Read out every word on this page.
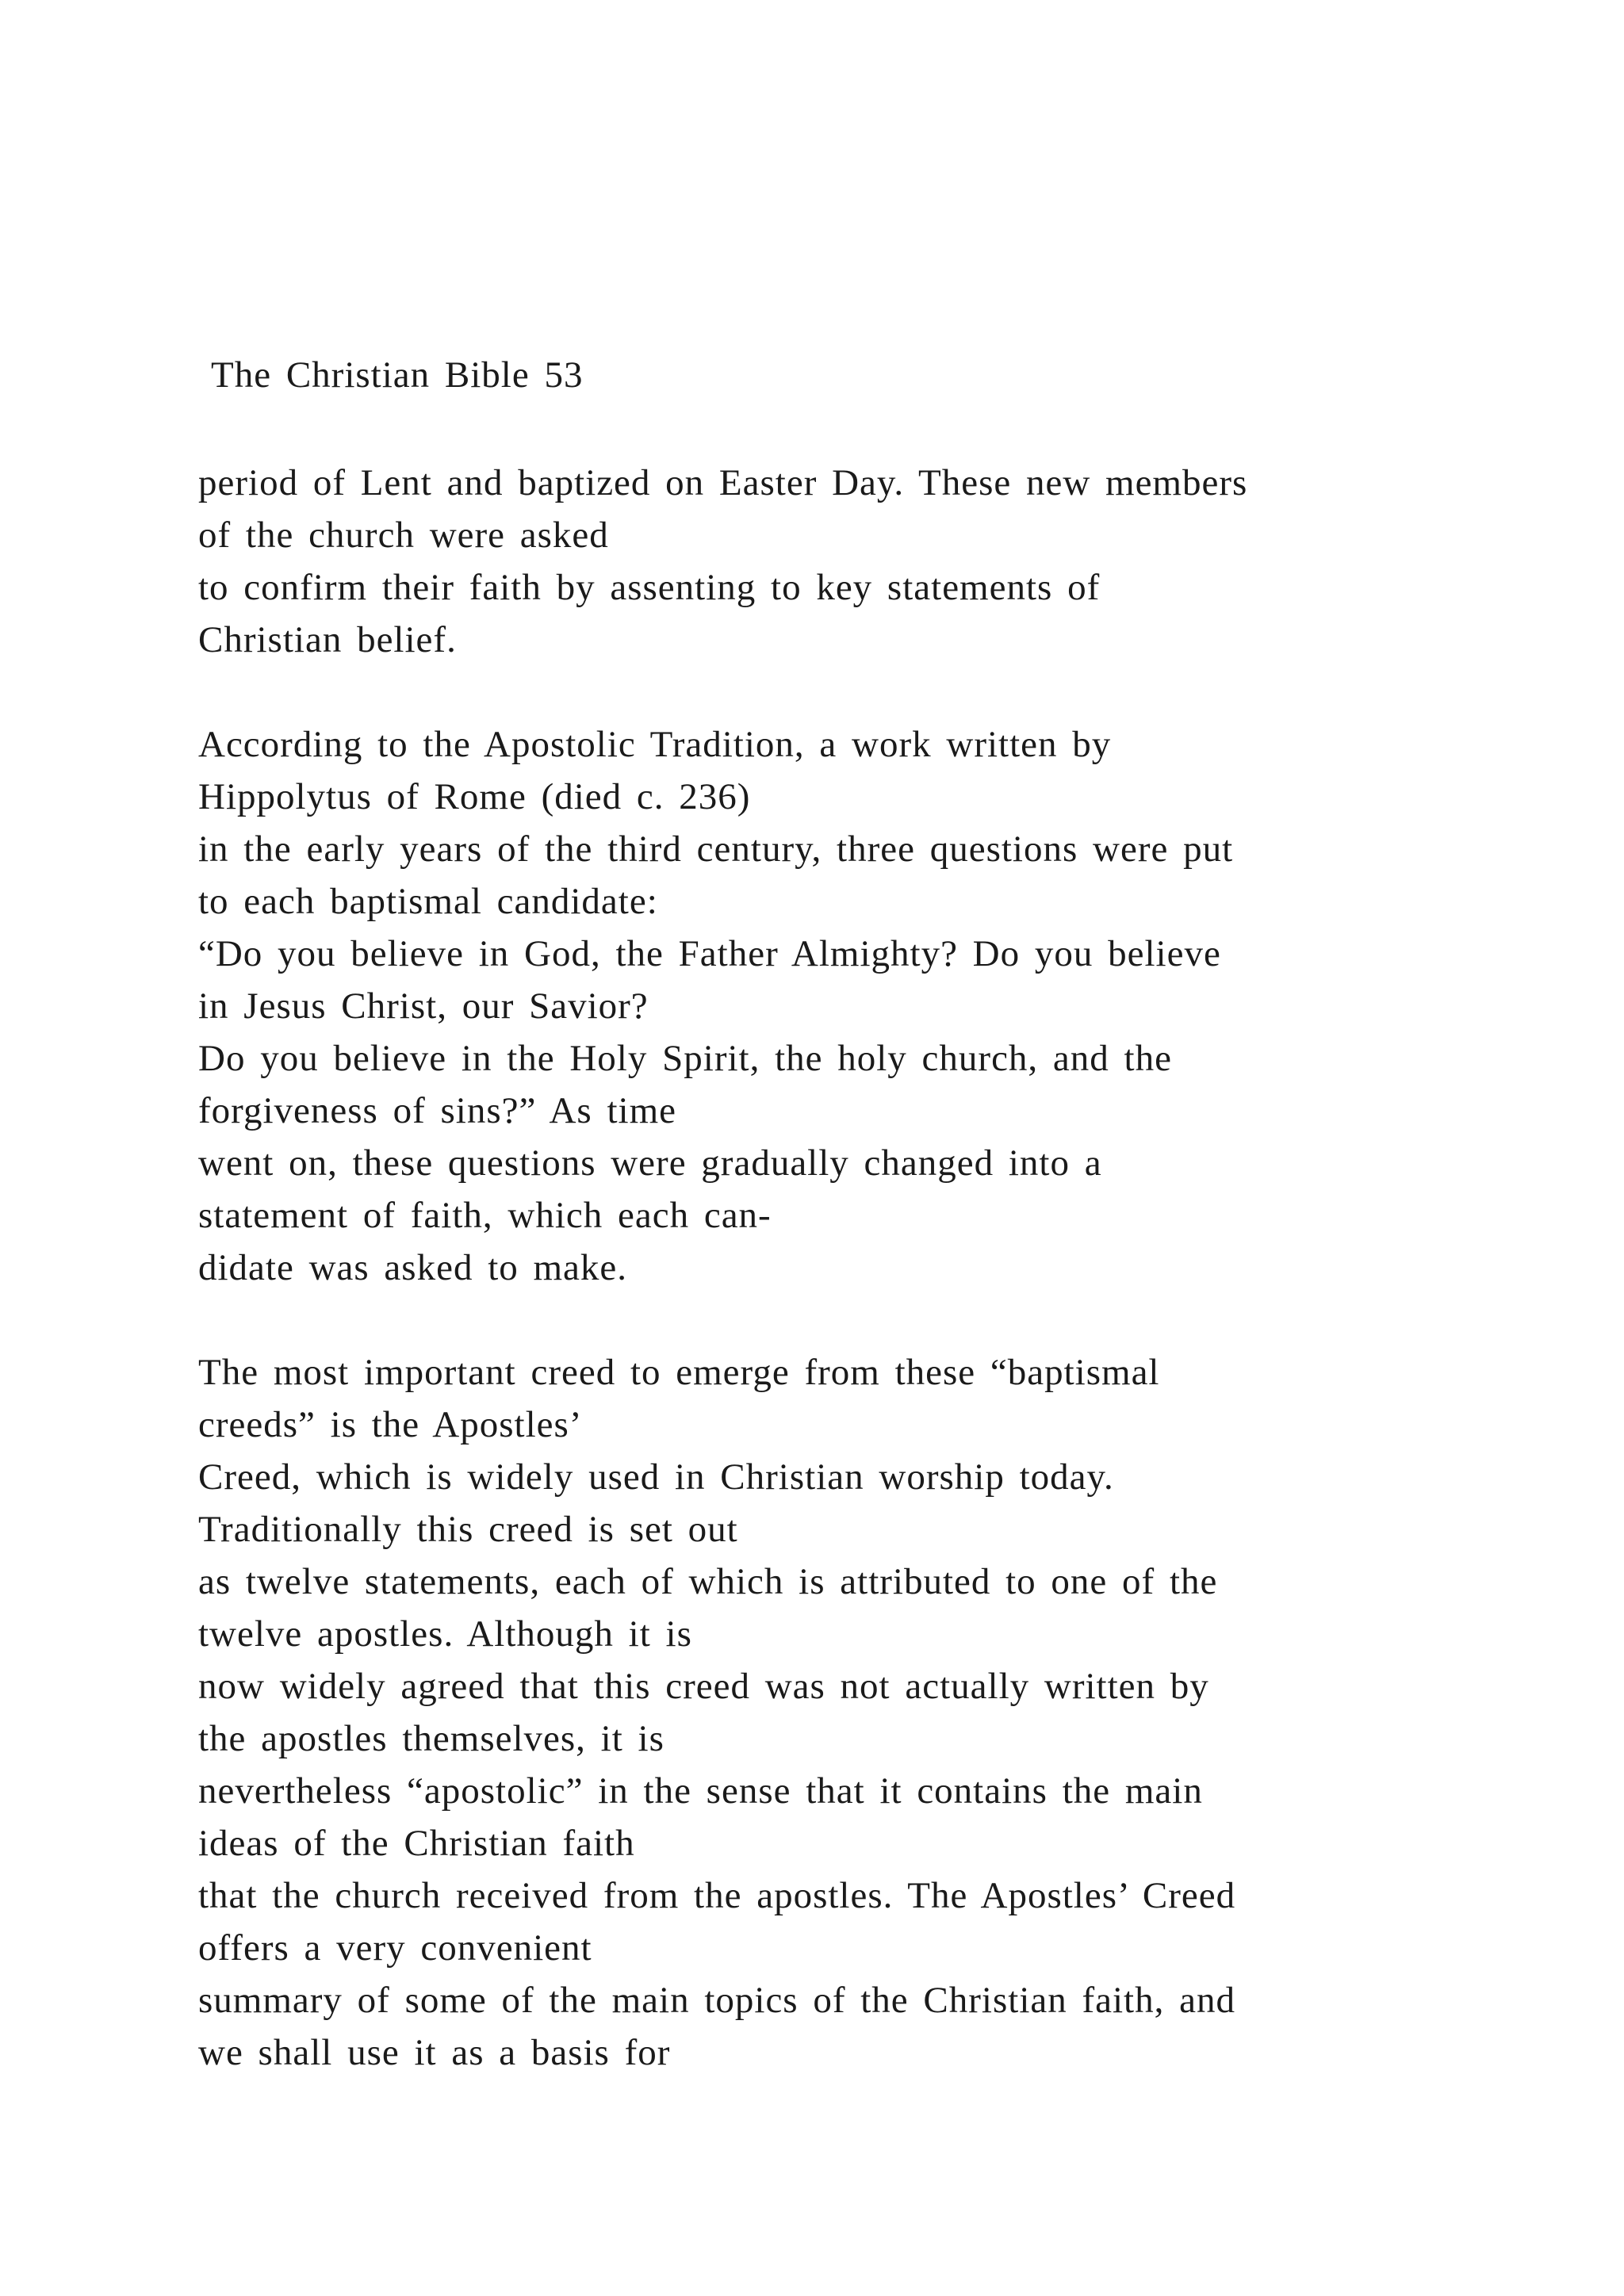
The Christian Bible 53
period of Lent and baptized on Easter Day. These new members
of the church were asked
to confirm their faith by assenting to key statements of
Christian belief.
According to the Apostolic Tradition, a work written by
Hippolytus of Rome (died c. 236)
in the early years of the third century, three questions were put
to each baptismal candidate:
“Do you believe in God, the Father Almighty? Do you believe
in Jesus Christ, our Savior?
Do you believe in the Holy Spirit, the holy church, and the
forgiveness of sins?” As time
went on, these questions were gradually changed into a
statement of faith, which each can-
didate was asked to make.
The most important creed to emerge from these “baptismal
creeds” is the Apostles’
Creed, which is widely used in Christian worship today.
Traditionally this creed is set out
as twelve statements, each of which is attributed to one of the
twelve apostles. Although it is
now widely agreed that this creed was not actually written by
the apostles themselves, it is
nevertheless “apostolic” in the sense that it contains the main
ideas of the Christian faith
that the church received from the apostles. The Apostles’ Creed
offers a very convenient
summary of some of the main topics of the Christian faith, and
we shall use it as a basis for
